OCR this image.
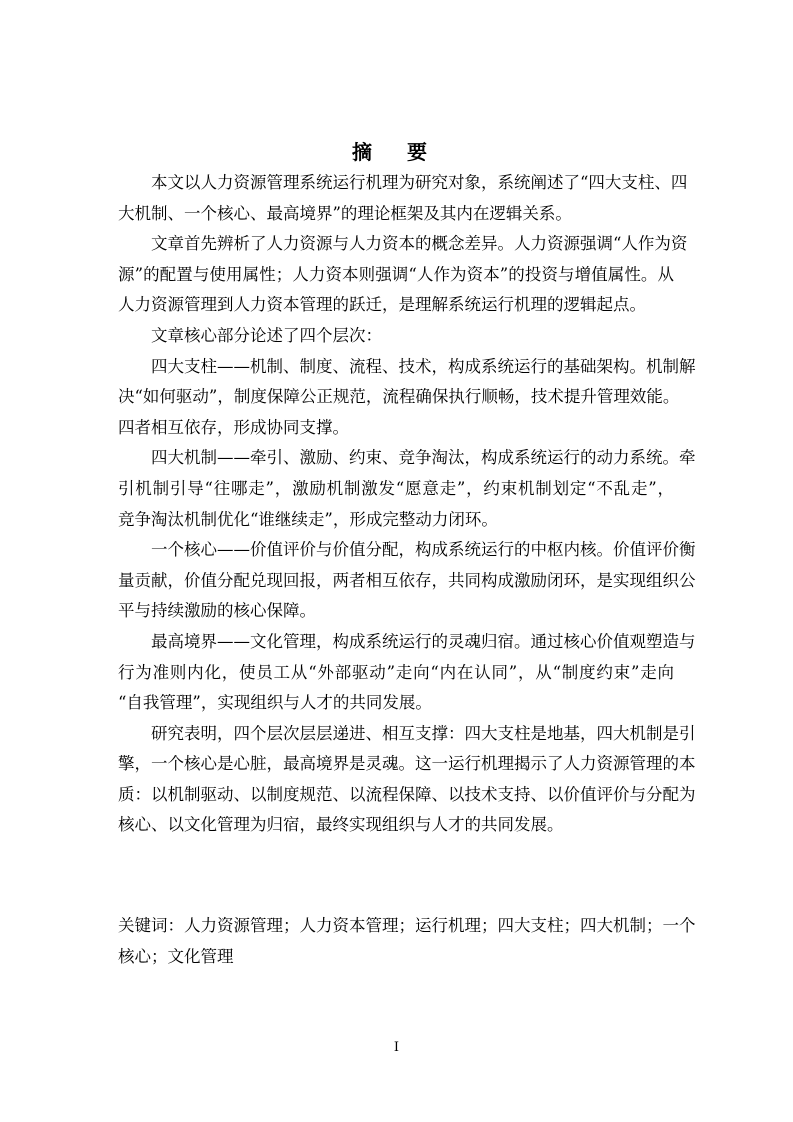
摘 要
本文以人力资源管理系统运行机理为研究对象，系统阐述了“四大支柱、四
大机制、一个核心、最高境界”的理论框架及其内在逻辑关系。
文章首先辨析了人力资源与人力资本的概念差异。人力资源强调“人作为资
源”的配置与使用属性；人力资本则强调“人作为资本”的投资与增值属性。从
人力资源管理到人力资本管理的跃迁，是理解系统运行机理的逻辑起点。
文章核心部分论述了四个层次：
四大支柱——机制、制度、流程、技术，构成系统运行的基础架构。机制解
决“如何驱动”，制度保障公正规范，流程确保执行顺畅，技术提升管理效能。
四者相互依存，形成协同支撑。
四大机制——牵引、激励、约束、竞争淘汰，构成系统运行的动力系统。牵
引机制引导“往哪走”，激励机制激发“愿意走”，约束机制划定“不乱走”，
竞争淘汰机制优化“谁继续走”，形成完整动力闭环。
一个核心——价值评价与价值分配，构成系统运行的中枢内核。价值评价衡
量贡献，价值分配兑现回报，两者相互依存，共同构成激励闭环，是实现组织公
平与持续激励的核心保障。
最高境界——文化管理，构成系统运行的灵魂归宿。通过核心价值观塑造与
行为准则内化，使员工从“外部驱动”走向“内在认同”，从“制度约束”走向
“自我管理”，实现组织与人才的共同发展。
研究表明，四个层次层层递进、相互支撑：四大支柱是地基，四大机制是引
擎，一个核心是心脏，最高境界是灵魂。这一运行机理揭示了人力资源管理的本
质：以机制驱动、以制度规范、以流程保障、以技术支持、以价值评价与分配为
核心、以文化管理为归宿，最终实现组织与人才的共同发展。
关键词：人力资源管理；人力资本管理；运行机理；四大支柱；四大机制；一个
核心；文化管理
I
